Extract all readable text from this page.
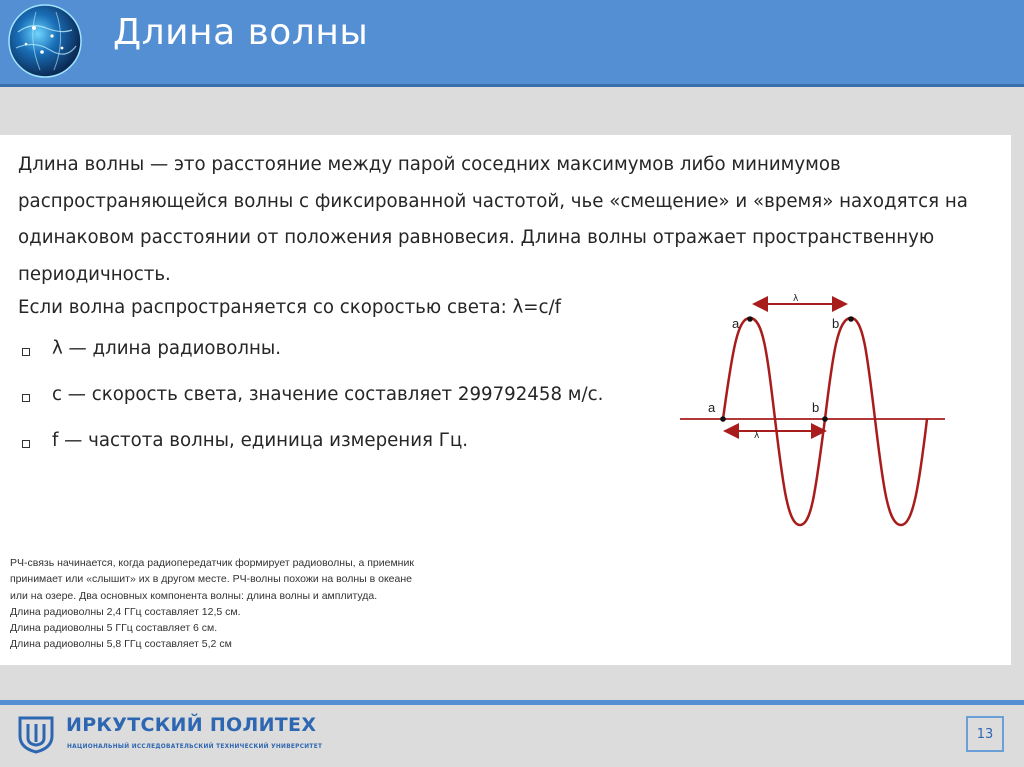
Длина волны

Длина волны — это расстояние между парой соседних максимумов либо минимумов распространяющейся волны с фиксированной частотой, чье «смещение» и «время» находятся на одинаковом расстоянии от положения равновесия. Длина волны отражает пространственную периодичность.

Если волна распространяется со скоростью света: λ=c/f
λ — длина радиоволны.
c — скорость света, значение составляет 299792458 м/с.
f — частота волны, единица измерения Гц.
a	b
λ
a	b
λ
РЧ-связь начинается, когда радиопередатчик формирует радиоволны, а приемник
принимает или «слышит» их в другом месте. РЧ-волны похожи на волны в океане
или на озере. Два основных компонента волны: длина волны и амплитуда.
Длина радиоволны 2,4 ГГц составляет 12,5 см.
Длина радиоволны 5 ГГц составляет 6 см.
Длина радиоволны 5,8 ГГц составляет 5,2 см
ИРКУТСКИЙ ПОЛИТЕХ
НАЦИОНАЛЬНЫЙ ИССЛЕДОВАТЕЛЬСКИЙ ТЕХНИЧЕСКИЙ УНИВЕРСИТЕТ
13
